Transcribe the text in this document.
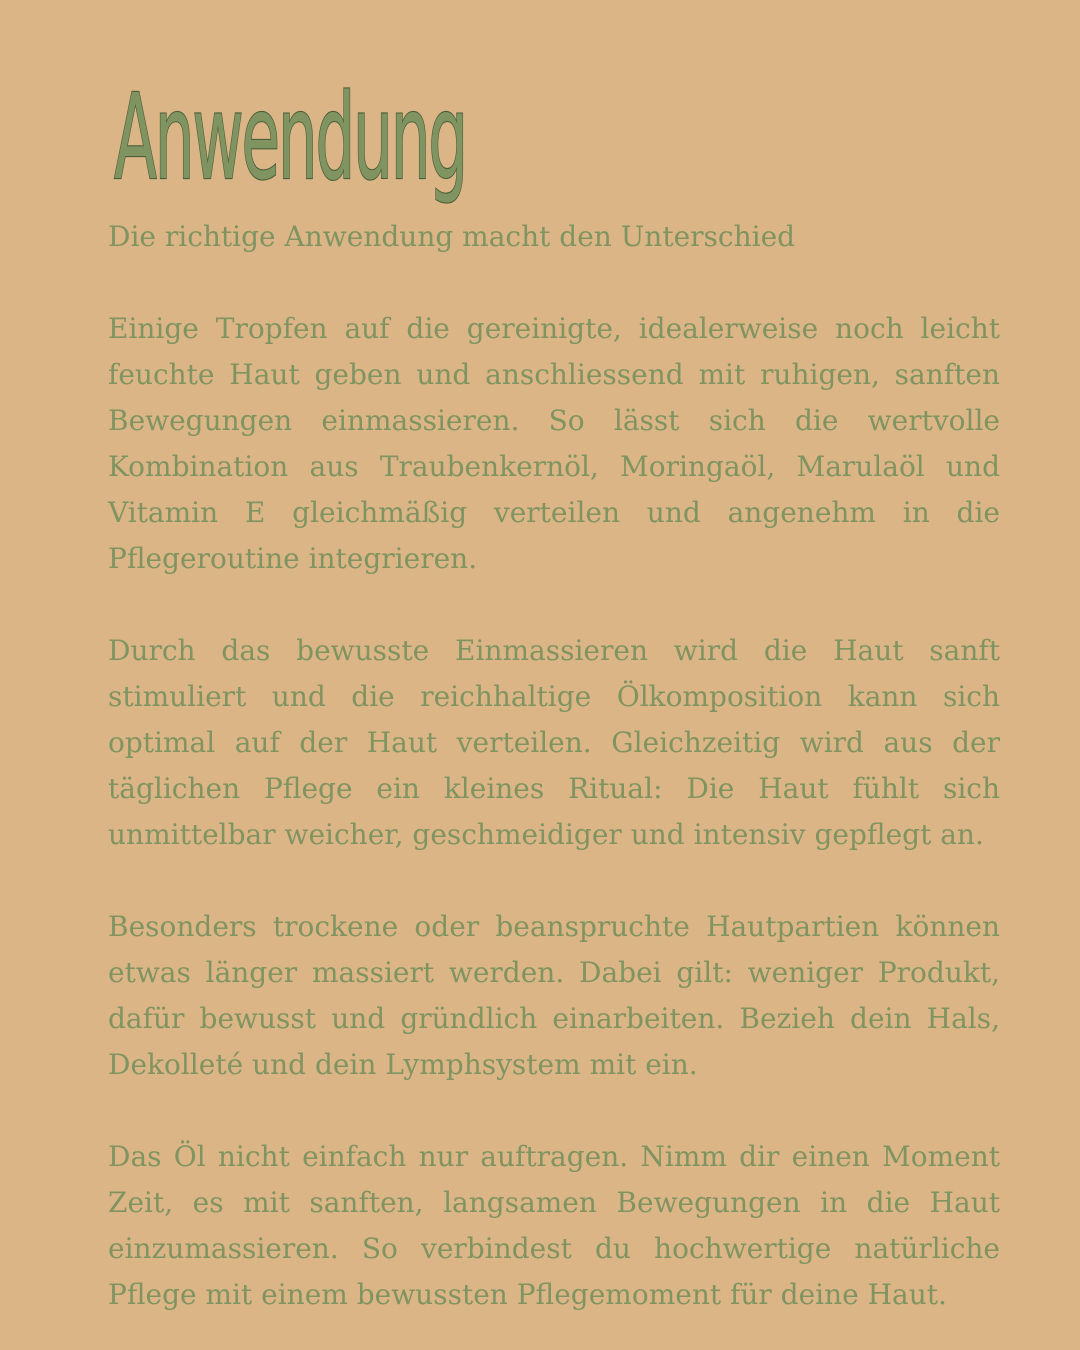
Anwendung

Die richtige Anwendung macht den Unterschied

Einige Tropfen auf die gereinigte, idealerweise noch leicht feuchte Haut geben und anschliessend mit ruhigen, sanften Bewegungen einmassieren. So lässt sich die wertvolle Kombination aus Traubenkernöl, Moringaöl, Marulaöl und Vitamin E gleichmäßig verteilen und angenehm in die Pflegeroutine integrieren.

Durch das bewusste Einmassieren wird die Haut sanft stimuliert und die reichhaltige Ölkomposition kann sich optimal auf der Haut verteilen. Gleichzeitig wird aus der täglichen Pflege ein kleines Ritual: Die Haut fühlt sich unmittelbar weicher, geschmeidiger und intensiv gepflegt an.

Besonders trockene oder beanspruchte Hautpartien können etwas länger massiert werden. Dabei gilt: weniger Produkt, dafür bewusst und gründlich einarbeiten. Bezieh dein Hals, Dekolleté und dein Lymphsystem mit ein.

Das Öl nicht einfach nur auftragen. Nimm dir einen Moment Zeit, es mit sanften, langsamen Bewegungen in die Haut einzumassieren. So verbindest du hochwertige natürliche Pflege mit einem bewussten Pflegemoment für deine Haut.
